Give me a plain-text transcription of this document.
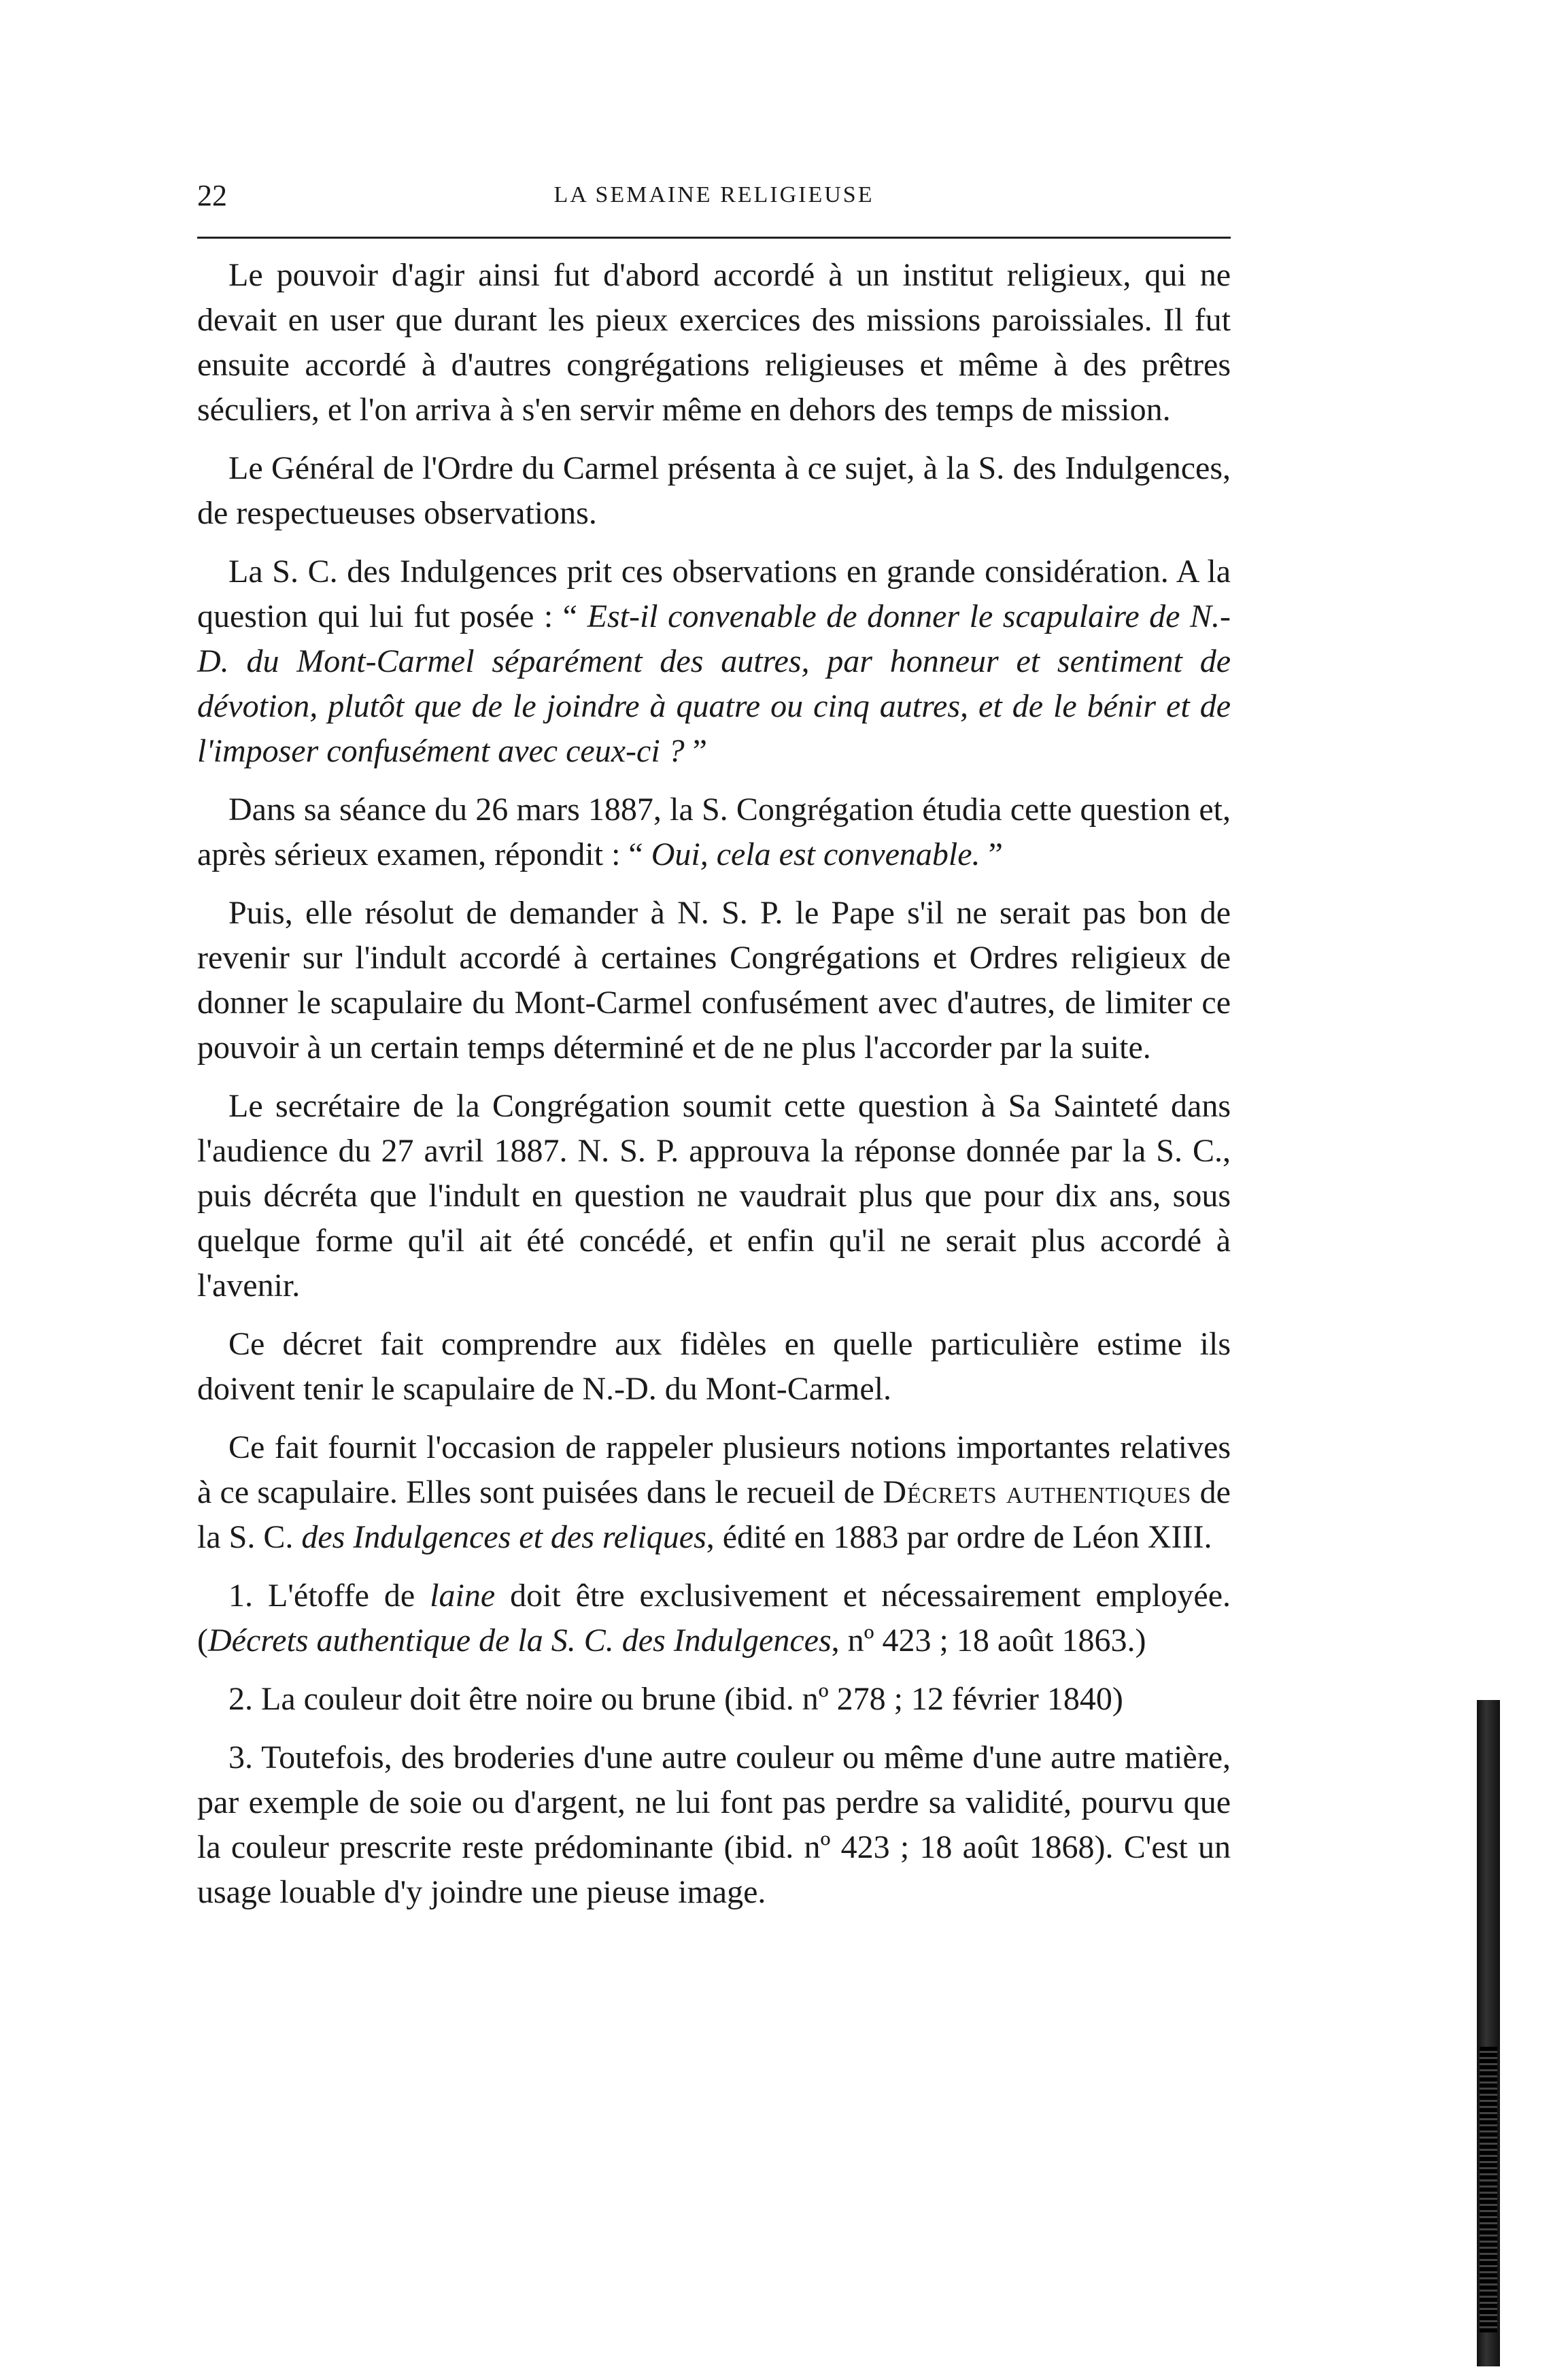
22	LA SEMAINE RELIGIEUSE

Le pouvoir d'agir ainsi fut d'abord accordé à un institut religieux, qui ne devait en user que durant les pieux exercices des missions paroissiales. Il fut ensuite accordé à d'autres congrégations religieuses et même à des prêtres séculiers, et l'on arriva à s'en servir même en dehors des temps de mission.

Le Général de l'Ordre du Carmel présenta à ce sujet, à la S. des Indulgences, de respectueuses observations.

La S. C. des Indulgences prit ces observations en grande considération. A la question qui lui fut posée : “ Est-il convenable de donner le scapulaire de N.-D. du Mont-Carmel séparément des autres, par honneur et sentiment de dévotion, plutôt que de le joindre à quatre ou cinq autres, et de le bénir et de l'imposer confusément avec ceux-ci ? ”

Dans sa séance du 26 mars 1887, la S. Congrégation étudia cette question et, après sérieux examen, répondit : “ Oui, cela est convenable. ”

Puis, elle résolut de demander à N. S. P. le Pape s'il ne serait pas bon de revenir sur l'indult accordé à certaines Congrégations et Ordres religieux de donner le scapulaire du Mont-Carmel confusément avec d'autres, de limiter ce pouvoir à un certain temps déterminé et de ne plus l'accorder par la suite.

Le secrétaire de la Congrégation soumit cette question à Sa Sainteté dans l'audience du 27 avril 1887. N. S. P. approuva la réponse donnée par la S. C., puis décréta que l'indult en question ne vaudrait plus que pour dix ans, sous quelque forme qu'il ait été concédé, et enfin qu'il ne serait plus accordé à l'avenir.

Ce décret fait comprendre aux fidèles en quelle particulière estime ils doivent tenir le scapulaire de N.-D. du Mont-Carmel.

Ce fait fournit l'occasion de rappeler plusieurs notions importantes relatives à ce scapulaire. Elles sont puisées dans le recueil de Décrets authentiques de la S. C. des Indulgences et des reliques, édité en 1883 par ordre de Léon XIII.

1. L'étoffe de laine doit être exclusivement et nécessairement employée. (Décrets authentique de la S. C. des Indulgences, nº 423 ; 18 août 1863.)

2. La couleur doit être noire ou brune (ibid. nº 278 ; 12 février 1840)

3. Toutefois, des broderies d'une autre couleur ou même d'une autre matière, par exemple de soie ou d'argent, ne lui font pas perdre sa validité, pourvu que la couleur prescrite reste prédominante (ibid. nº 423 ; 18 août 1868). C'est un usage louable d'y joindre une pieuse image.
